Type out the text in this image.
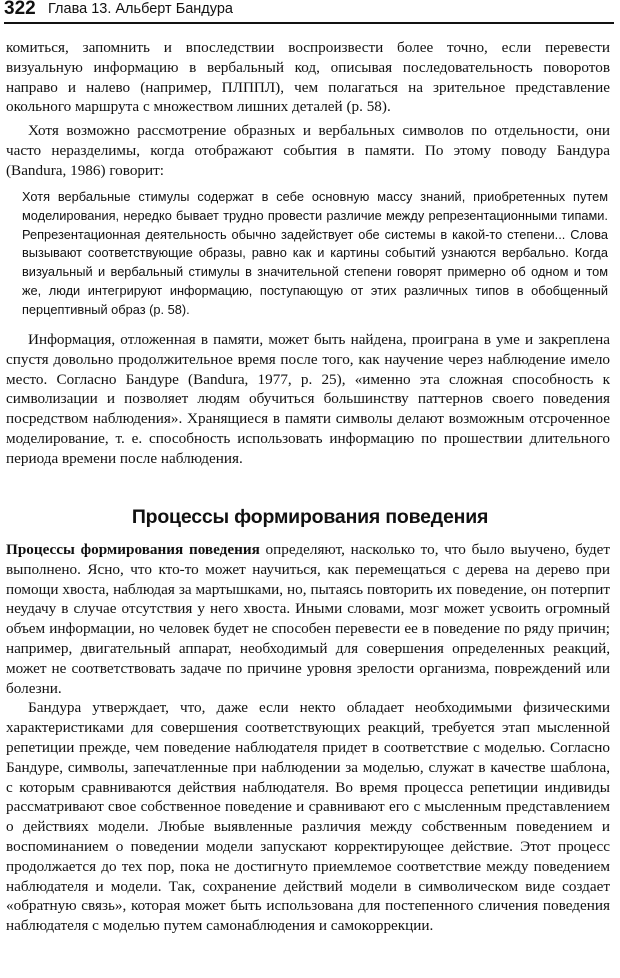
322 Глава 13. Альберт Бандура

комиться, запомнить и впоследствии воспроизвести более точно, если перевести визуальную информацию в вербальный код, описывая последовательность поворотов направо и налево (например, ПЛППЛ), чем полагаться на зрительное представление окольного маршрута с множеством лишних деталей (р. 58).

Хотя возможно рассмотрение образных и вербальных символов по отдельности, они часто неразделимы, когда отображают события в памяти. По этому поводу Бандура (Bandura, 1986) говорит:

Хотя вербальные стимулы содержат в себе основную массу знаний, приобретенных путем моделирования, нередко бывает трудно провести различие между репрезентационными типами. Репрезентационная деятельность обычно задействует обе системы в какой-то степени... Слова вызывают соответствующие образы, равно как и картины событий узнаются вербально. Когда визуальный и вербальный стимулы в значительной степени говорят примерно об одном и том же, люди интегрируют информацию, поступающую от этих различных типов в обобщенный перцептивный образ (р. 58).

Информация, отложенная в памяти, может быть найдена, проиграна в уме и закреплена спустя довольно продолжительное время после того, как научение через наблюдение имело место. Согласно Бандуре (Bandura, 1977, р. 25), «именно эта сложная способность к символизации и позволяет людям обучиться большинству паттернов своего поведения посредством наблюдения». Хранящиеся в памяти символы делают возможным отсроченное моделирование, т. е. способность использовать информацию по прошествии длительного периода времени после наблюдения.

Процессы формирования поведения

Процессы формирования поведения определяют, насколько то, что было выучено, будет выполнено. Ясно, что кто-то может научиться, как перемещаться с дерева на дерево при помощи хвоста, наблюдая за мартышками, но, пытаясь повторить их поведение, он потерпит неудачу в случае отсутствия у него хвоста. Иными словами, мозг может усвоить огромный объем информации, но человек будет не способен перевести ее в поведение по ряду причин; например, двигательный аппарат, необходимый для совершения определенных реакций, может не соответствовать задаче по причине уровня зрелости организма, повреждений или болезни.

Бандура утверждает, что, даже если некто обладает необходимыми физическими характеристиками для совершения соответствующих реакций, требуется этап мысленной репетиции прежде, чем поведение наблюдателя придет в соответствие с моделью. Согласно Бандуре, символы, запечатленные при наблюдении за моделью, служат в качестве шаблона, с которым сравниваются действия наблюдателя. Во время процесса репетиции индивиды рассматривают свое собственное поведение и сравнивают его с мысленным представлением о действиях модели. Любые выявленные различия между собственным поведением и воспоминанием о поведении модели запускают корректирующее действие. Этот процесс продолжается до тех пор, пока не достигнуто приемлемое соответствие между поведением наблюдателя и модели. Так, сохранение действий модели в символическом виде создает «обратную связь», которая может быть использована для постепенного сличения поведения наблюдателя с моделью путем самонаблюдения и самокоррекции.
